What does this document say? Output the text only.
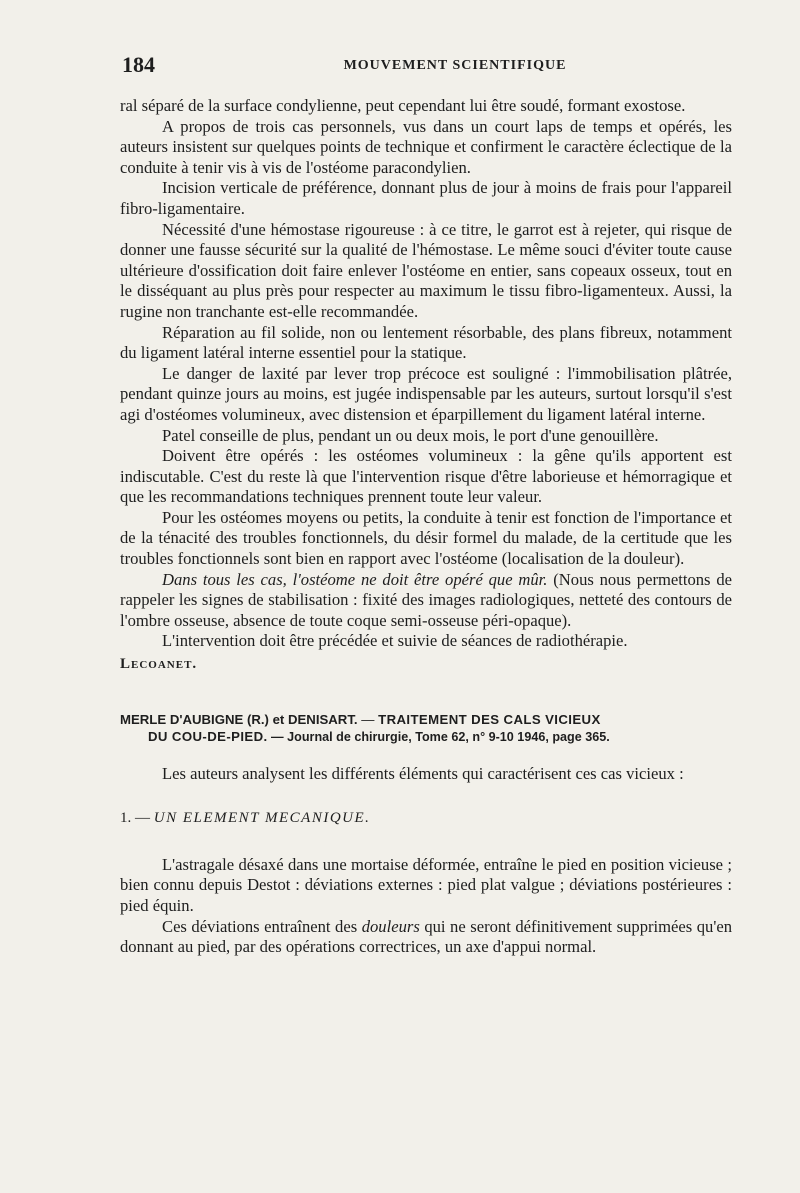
184	MOUVEMENT SCIENTIFIQUE

ral séparé de la surface condylienne, peut cependant lui être soudé, formant exostose.

A propos de trois cas personnels, vus dans un court laps de temps et opérés, les auteurs insistent sur quelques points de technique et confirment le caractère éclectique de la conduite à tenir vis à vis de l'ostéome paracondylien.

Incision verticale de préférence, donnant plus de jour à moins de frais pour l'appareil fibro-ligamentaire.

Nécessité d'une hémostase rigoureuse : à ce titre, le garrot est à rejeter, qui risque de donner une fausse sécurité sur la qualité de l'hémostase. Le même souci d'éviter toute cause ultérieure d'ossification doit faire enlever l'ostéome en entier, sans copeaux osseux, tout en le disséquant au plus près pour respecter au maximum le tissu fibro-ligamenteux. Aussi, la rugine non tranchante est-elle recommandée.

Réparation au fil solide, non ou lentement résorbable, des plans fibreux, notamment du ligament latéral interne essentiel pour la statique.

Le danger de laxité par lever trop précoce est souligné : l'immobilisation plâtrée, pendant quinze jours au moins, est jugée indispensable par les auteurs, surtout lorsqu'il s'est agi d'ostéomes volumineux, avec distension et éparpillement du ligament latéral interne.

Patel conseille de plus, pendant un ou deux mois, le port d'une genouillère.

Doivent être opérés : les ostéomes volumineux : la gêne qu'ils apportent est indiscutable. C'est du reste là que l'intervention risque d'être laborieuse et hémorragique et que les recommandations techniques prennent toute leur valeur.

Pour les ostéomes moyens ou petits, la conduite à tenir est fonction de l'importance et de la ténacité des troubles fonctionnels, du désir formel du malade, de la certitude que les troubles fonctionnels sont bien en rapport avec l'ostéome (localisation de la douleur).

Dans tous les cas, l'ostéome ne doit être opéré que mûr. (Nous nous permettons de rappeler les signes de stabilisation : fixité des images radiologiques, netteté des contours de l'ombre osseuse, absence de toute coque semi-osseuse péri-opaque).

L'intervention doit être précédée et suivie de séances de radiothérapie.

Lecoanet.

MERLE D'AUBIGNE (R.) et DENISART. — TRAITEMENT DES CALS VICIEUX
DU COU-DE-PIED. — Journal de chirurgie, Tome 62, n° 9-10 1946, page 365.

Les auteurs analysent les différents éléments qui caractérisent ces cas vicieux :

1. — UN ELEMENT MECANIQUE.

L'astragale désaxé dans une mortaise déformée, entraîne le pied en position vicieuse ; bien connu depuis Destot : déviations externes : pied plat valgue ; déviations postérieures : pied équin.

Ces déviations entraînent des douleurs qui ne seront définitivement supprimées qu'en donnant au pied, par des opérations correctrices, un axe d'appui normal.
